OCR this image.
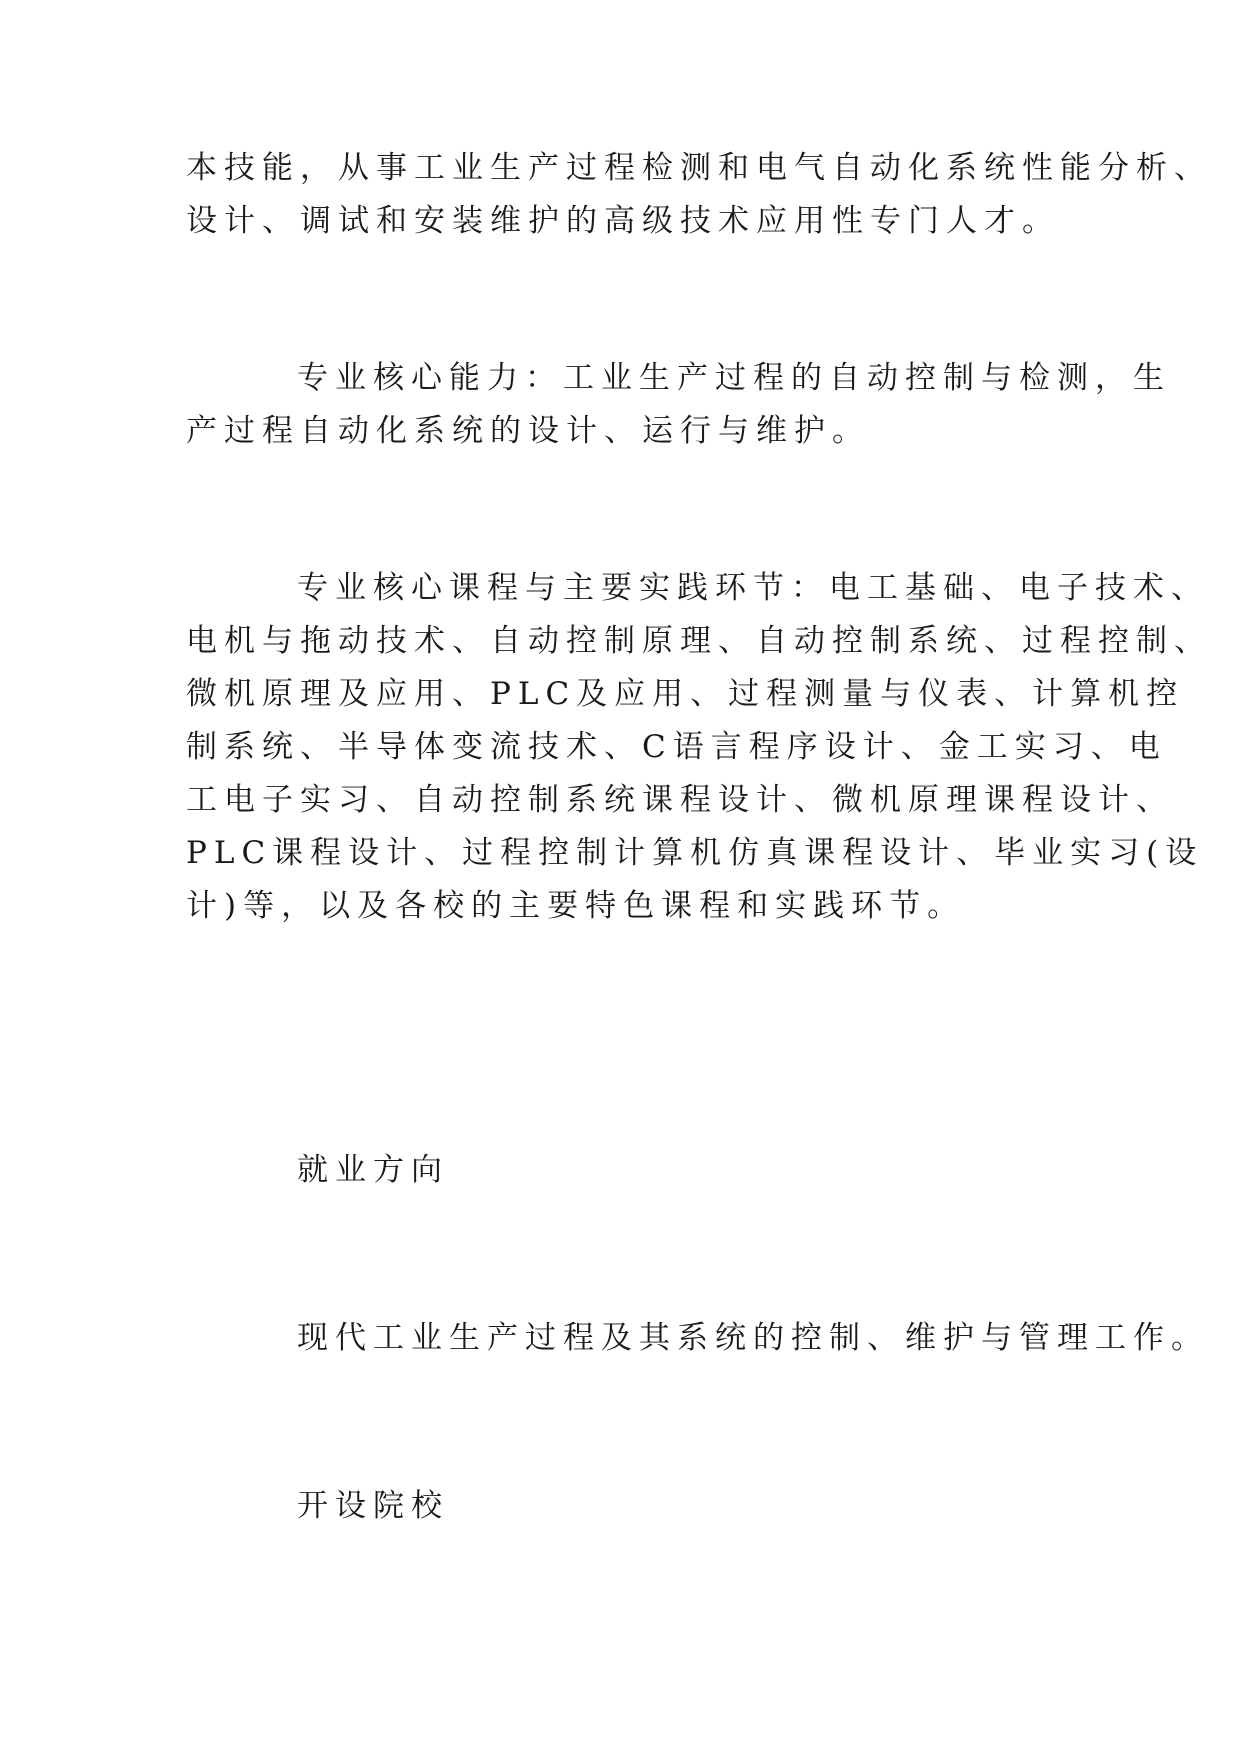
本技能，从事工业生产过程检测和电气自动化系统性能分析、
设计、调试和安装维护的高级技术应用性专门人才。
专业核心能力：工业生产过程的自动控制与检测，生
产过程自动化系统的设计、运行与维护。
专业核心课程与主要实践环节：电工基础、电子技术、
电机与拖动技术、自动控制原理、自动控制系统、过程控制、
微机原理及应用、PLC及应用、过程测量与仪表、计算机控
制系统、半导体变流技术、C语言程序设计、金工实习、电
工电子实习、自动控制系统课程设计、微机原理课程设计、
PLC课程设计、过程控制计算机仿真课程设计、毕业实习(设
计)等，以及各校的主要特色课程和实践环节。
就业方向
现代工业生产过程及其系统的控制、维护与管理工作。
开设院校
